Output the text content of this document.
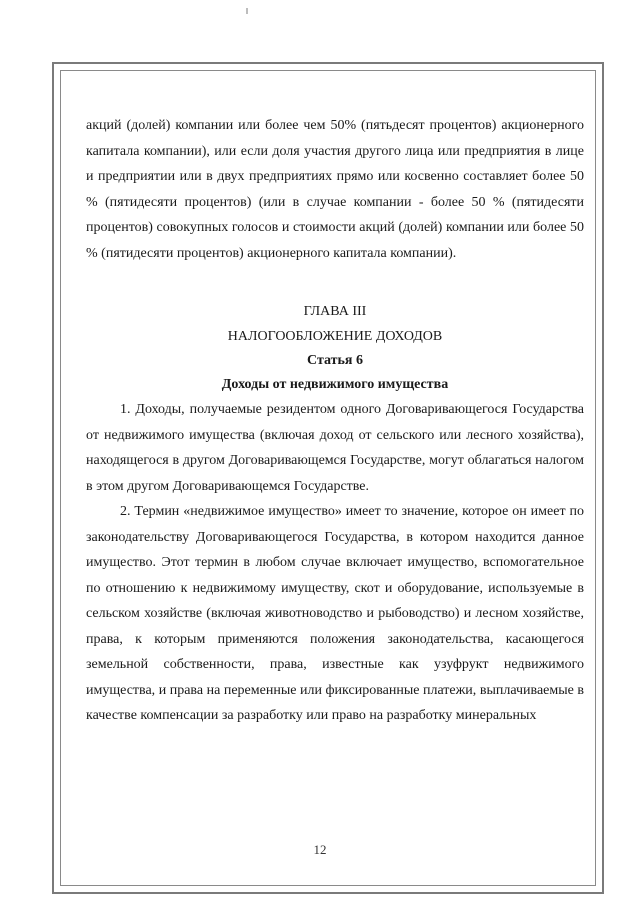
акций (долей) компании или более чем 50% (пятьдесят процентов) акционерного капитала компании), или если доля участия другого лица или предприятия в лице и предприятии или в двух предприятиях прямо или косвенно составляет более 50 % (пятидесяти процентов) (или в случае компании - более 50 % (пятидесяти процентов) совокупных голосов и стоимости акций (долей) компании или более 50 % (пятидесяти процентов) акционерного капитала компании).

ГЛАВА III

НАЛОГООБЛОЖЕНИЕ ДОХОДОВ

Статья 6

Доходы от недвижимого имущества

1. Доходы, получаемые резидентом одного Договаривающегося Государства от недвижимого имущества (включая доход от сельского или лесного хозяйства), находящегося в другом Договаривающемся Государстве, могут облагаться налогом в этом другом Договаривающемся Государстве.

2. Термин «недвижимое имущество» имеет то значение, которое он имеет по законодательству Договаривающегося Государства, в котором находится данное имущество. Этот термин в любом случае включает имущество, вспомогательное по отношению к недвижимому имуществу, скот и оборудование, используемые в сельском хозяйстве (включая животноводство и рыбоводство) и лесном хозяйстве, права, к которым применяются положения законодательства, касающегося земельной собственности, права, известные как узуфрукт недвижимого имущества, и права на переменные или фиксированные платежи, выплачиваемые в качестве компенсации за разработку или право на разработку минеральных

12
